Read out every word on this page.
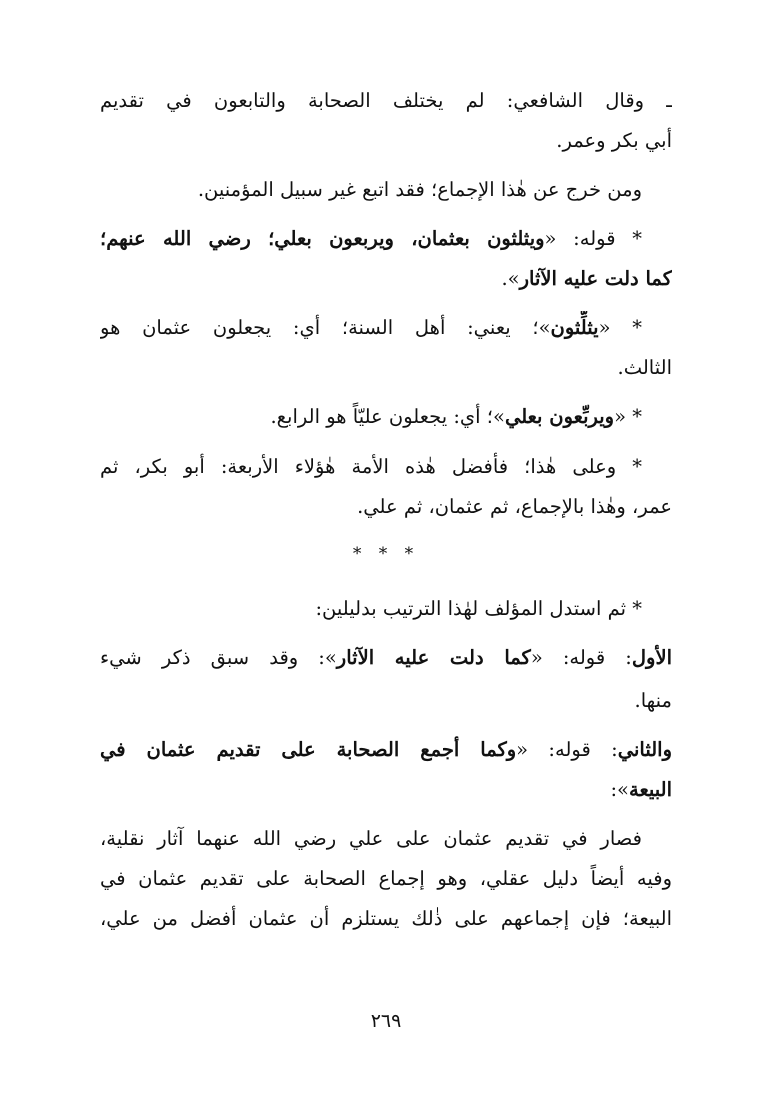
ـ وقال الشافعي: لم يختلف الصحابة والتابعون في تقديم
أبي بكر وعمر.
ومن خرج عن هٰذا الإجماع؛ فقد اتبع غير سبيل المؤمنين.
* قوله: «ويثلثون بعثمان، ويربعون بعلي؛ رضي الله عنهم؛
كما دلت عليه الآثار».
* «يثلِّثون»؛ يعني: أهل السنة؛ أي: يجعلون عثمان هو
الثالث.
* «ويربِّعون بعلي»؛ أي: يجعلون عليّاً هو الرابع.
* وعلى هٰذا؛ فأفضل هٰذه الأمة هٰؤلاء الأربعة: أبو بكر، ثم
عمر، وهٰذا بالإجماع، ثم عثمان، ثم علي.
* * *
* ثم استدل المؤلف لهٰذا الترتيب بدليلين:
الأول: قوله: «كما دلت عليه الآثار»: وقد سبق ذكر شيء
منها.
والثاني: قوله: «وكما أجمع الصحابة على تقديم عثمان في
البيعة»:
فصار في تقديم عثمان على علي رضي الله عنهما آثار نقلية،
وفيه أيضاً دليل عقلي، وهو إجماع الصحابة على تقديم عثمان في
البيعة؛ فإن إجماعهم على ذٰلك يستلزم أن عثمان أفضل من علي،
٢٦٩
